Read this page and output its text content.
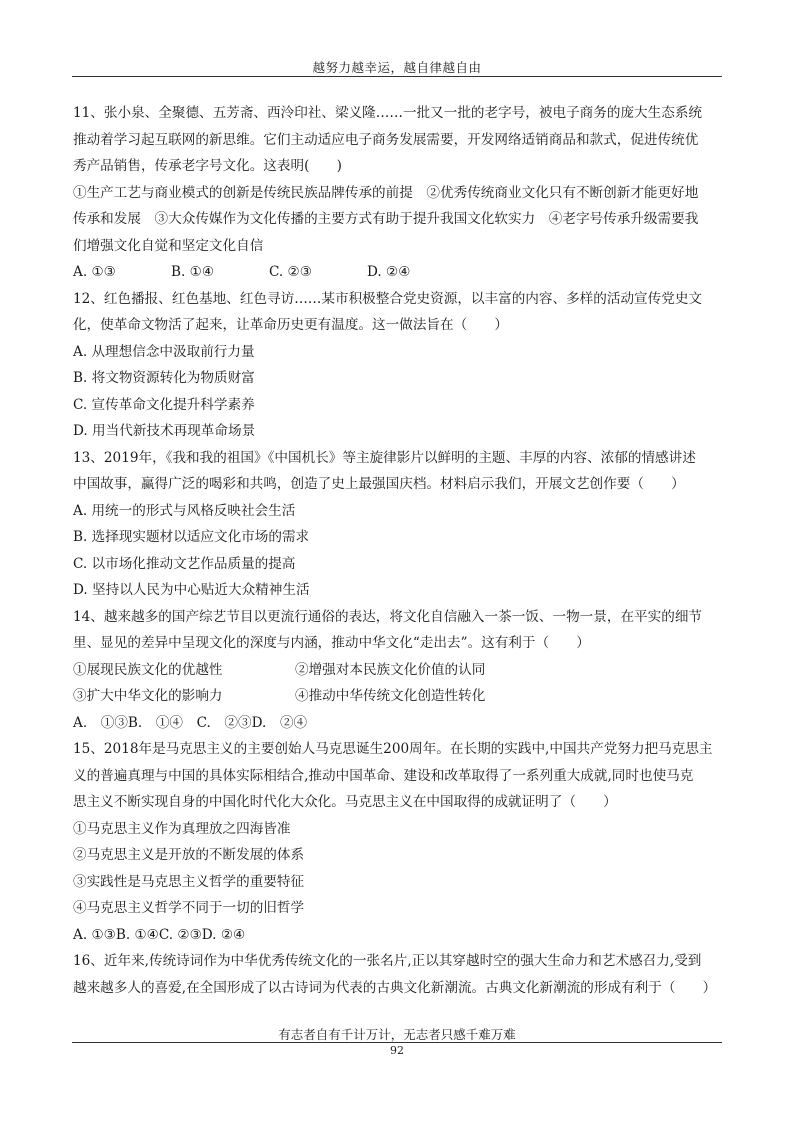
越努力越幸运，越自律越自由
11、张小泉、全聚德、五芳斋、西泠印社、梁义隆……一批又一批的老字号，被电子商务的庞大生态系统
推动着学习起互联网的新思维。它们主动适应电子商务发展需要，开发网络适销商品和款式，促进传统优
秀产品销售，传承老字号文化。这表明(　　)
①生产工艺与商业模式的创新是传统民族品牌传承的前提　②优秀传统商业文化只有不断创新才能更好地
传承和发展　③大众传媒作为文化传播的主要方式有助于提升我国文化软实力　④老字号传承升级需要我
们增强文化自觉和坚定文化自信
A. ①③	B. ①④	C. ②③	D. ②④
12、红色播报、红色基地、红色寻访……某市积极整合党史资源，以丰富的内容、多样的活动宣传党史文
化，使革命文物活了起来，让革命历史更有温度。这一做法旨在（　　）
A. 从理想信念中汲取前行力量
B. 将文物资源转化为物质财富
C. 宣传革命文化提升科学素养
D. 用当代新技术再现革命场景
13、2019年，《我和我的祖国》《中国机长》等主旋律影片以鲜明的主题、丰厚的内容、浓郁的情感讲述
中国故事，赢得广泛的喝彩和共鸣，创造了史上最强国庆档。材料启示我们，开展文艺创作要（　　）
A. 用统一的形式与风格反映社会生活
B. 选择现实题材以适应文化市场的需求
C. 以市场化推动文艺作品质量的提高
D. 坚持以人民为中心贴近大众精神生活
14、越来越多的国产综艺节目以更流行通俗的表达，将文化自信融入一茶一饭、一物一景，在平实的细节
里、显见的差异中呈现文化的深度与内涵，推动中华文化“走出去”。这有利于（　　）
①展现民族文化的优越性	②增强对本民族文化价值的认同
③扩大中华文化的影响力	④推动中华传统文化创造性转化
A.　①③B.　①④　C.　②③D.　②④
15、2018年是马克思主义的主要创始人马克思诞生200周年。在长期的实践中,中国共产党努力把马克思主
义的普遍真理与中国的具体实际相结合,推动中国革命、建设和改革取得了一系列重大成就,同时也使马克
思主义不断实现自身的中国化时代化大众化。马克思主义在中国取得的成就证明了（　　）
①马克思主义作为真理放之四海皆准
②马克思主义是开放的不断发展的体系
③实践性是马克思主义哲学的重要特征
④马克思主义哲学不同于一切的旧哲学
A. ①③B. ①④C. ②③D. ②④
16、近年来,传统诗词作为中华优秀传统文化的一张名片,正以其穿越时空的强大生命力和艺术感召力,受到
越来越多人的喜爱,在全国形成了以古诗词为代表的古典文化新潮流。古典文化新潮流的形成有利于（　　）
有志者自有千计万计，无志者只感千难万难
92
